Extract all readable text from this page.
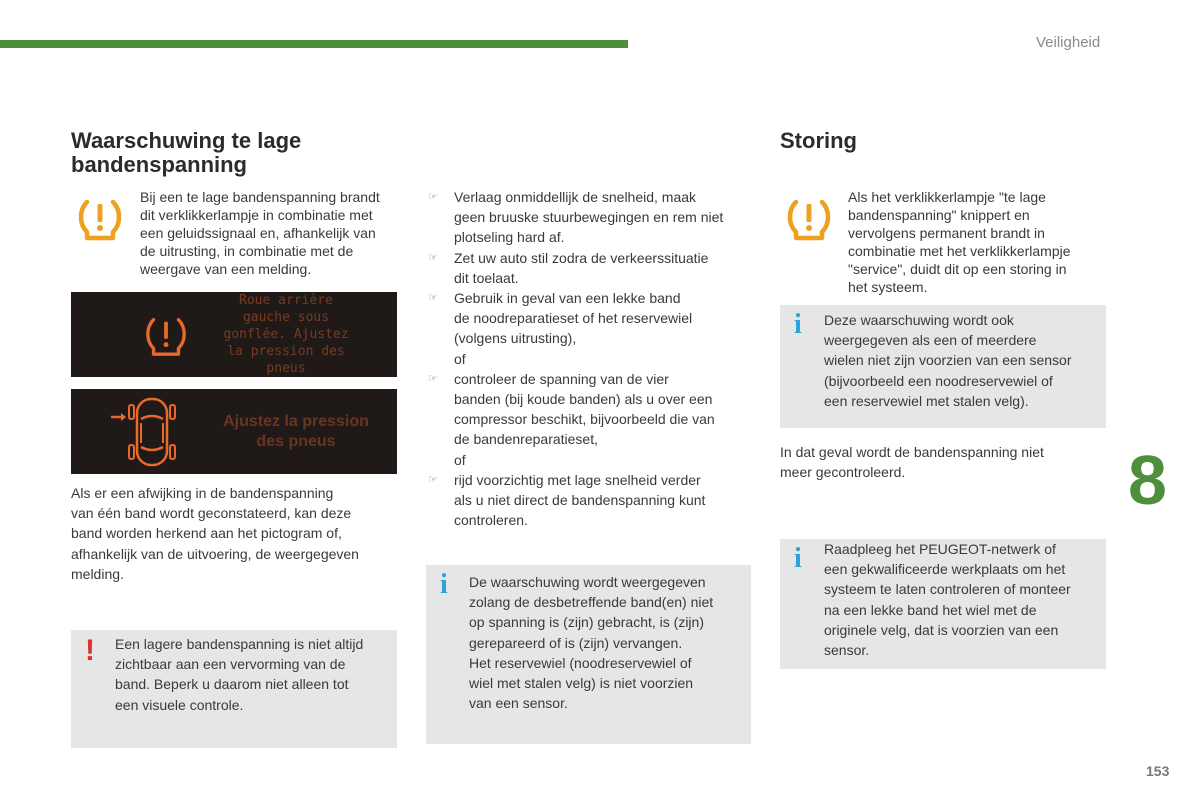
Veiligheid
Waarschuwing te lage
bandenspanning
Bij een te lage bandenspanning brandt
dit verklikkerlampje in combinatie met
een geluidssignaal en, afhankelijk van
de uitrusting, in combinatie met de
weergave van een melding.
Roue arrière
gauche sous
gonflée. Ajustez
la pression des
pneus
Ajustez la pression
des pneus
Als er een afwijking in de bandenspanning
van één band wordt geconstateerd, kan deze
band worden herkend aan het pictogram of,
afhankelijk van de uitvoering, de weergegeven
melding.
! Een lagere bandenspanning is niet altijd
zichtbaar aan een vervorming van de
band. Beperk u daarom niet alleen tot
een visuele controle.
☞ Verlaag onmiddellijk de snelheid, maak
geen bruuske stuurbewegingen en rem niet
plotseling hard af.
☞ Zet uw auto stil zodra de verkeerssituatie
dit toelaat.
☞ Gebruik in geval van een lekke band
de noodreparatieset of het reservewiel
(volgens uitrusting),
of
☞ controleer de spanning van de vier
banden (bij koude banden) als u over een
compressor beschikt, bijvoorbeeld die van
de bandenreparatieset,
of
☞ rijd voorzichtig met lage snelheid verder
als u niet direct de bandenspanning kunt
controleren.
i De waarschuwing wordt weergegeven
zolang de desbetreffende band(en) niet
op spanning is (zijn) gebracht, is (zijn)
gerepareerd of is (zijn) vervangen.
Het reservewiel (noodreservewiel of
wiel met stalen velg) is niet voorzien
van een sensor.
Storing
Als het verklikkerlampje "te lage
bandenspanning" knippert en
vervolgens permanent brandt in
combinatie met het verklikkerlampje
"service", duidt dit op een storing in
het systeem.
i Deze waarschuwing wordt ook
weergegeven als een of meerdere
wielen niet zijn voorzien van een sensor
(bijvoorbeeld een noodreservewiel of
een reservewiel met stalen velg).
In dat geval wordt de bandenspanning niet
meer gecontroleerd.
i Raadpleeg het PEUGEOT-netwerk of
een gekwalificeerde werkplaats om het
systeem te laten controleren of monteer
na een lekke band het wiel met de
originele velg, dat is voorzien van een
sensor.
8
153
